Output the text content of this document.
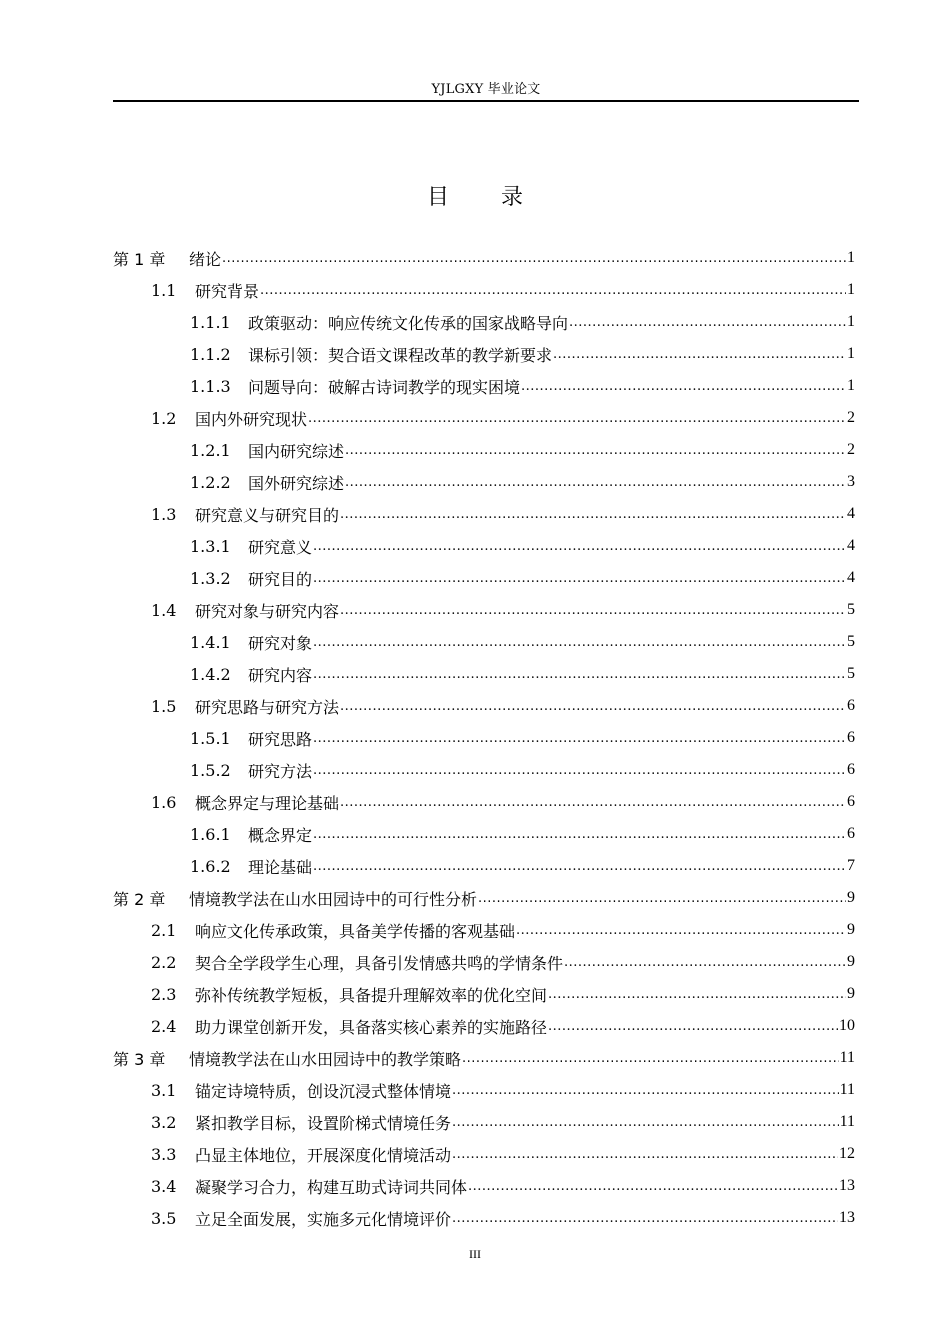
YJLGXY 毕业论文
目 录
第 1 章	绪论 .....	1
1.1	研究背景 .....	1
1.1.1	政策驱动：响应传统文化传承的国家战略导向 .....	1
1.1.2	课标引领：契合语文课程改革的教学新要求 .....	1
1.1.3	问题导向：破解古诗词教学的现实困境 .....	1
1.2	国内外研究现状 .....	2
1.2.1	国内研究综述 .....	2
1.2.2	国外研究综述 .....	3
1.3	研究意义与研究目的 .....	4
1.3.1	研究意义 .....	4
1.3.2	研究目的 .....	4
1.4	研究对象与研究内容 .....	5
1.4.1	研究对象 .....	5
1.4.2	研究内容 .....	5
1.5	研究思路与研究方法 .....	6
1.5.1	研究思路 .....	6
1.5.2	研究方法 .....	6
1.6	概念界定与理论基础 .....	6
1.6.1	概念界定 .....	6
1.6.2	理论基础 .....	7
第 2 章	情境教学法在山水田园诗中的可行性分析 .....	9
2.1	响应文化传承政策，具备美学传播的客观基础 .....	9
2.2	契合全学段学生心理，具备引发情感共鸣的学情条件 .....	9
2.3	弥补传统教学短板，具备提升理解效率的优化空间 .....	9
2.4	助力课堂创新开发，具备落实核心素养的实施路径 .....	10
第 3 章	情境教学法在山水田园诗中的教学策略 .....	11
3.1	锚定诗境特质，创设沉浸式整体情境 .....	11
3.2	紧扣教学目标，设置阶梯式情境任务 .....	11
3.3	凸显主体地位，开展深度化情境活动 .....	12
3.4	凝聚学习合力，构建互助式诗词共同体 .....	13
3.5	立足全面发展，实施多元化情境评价 .....	13
III
